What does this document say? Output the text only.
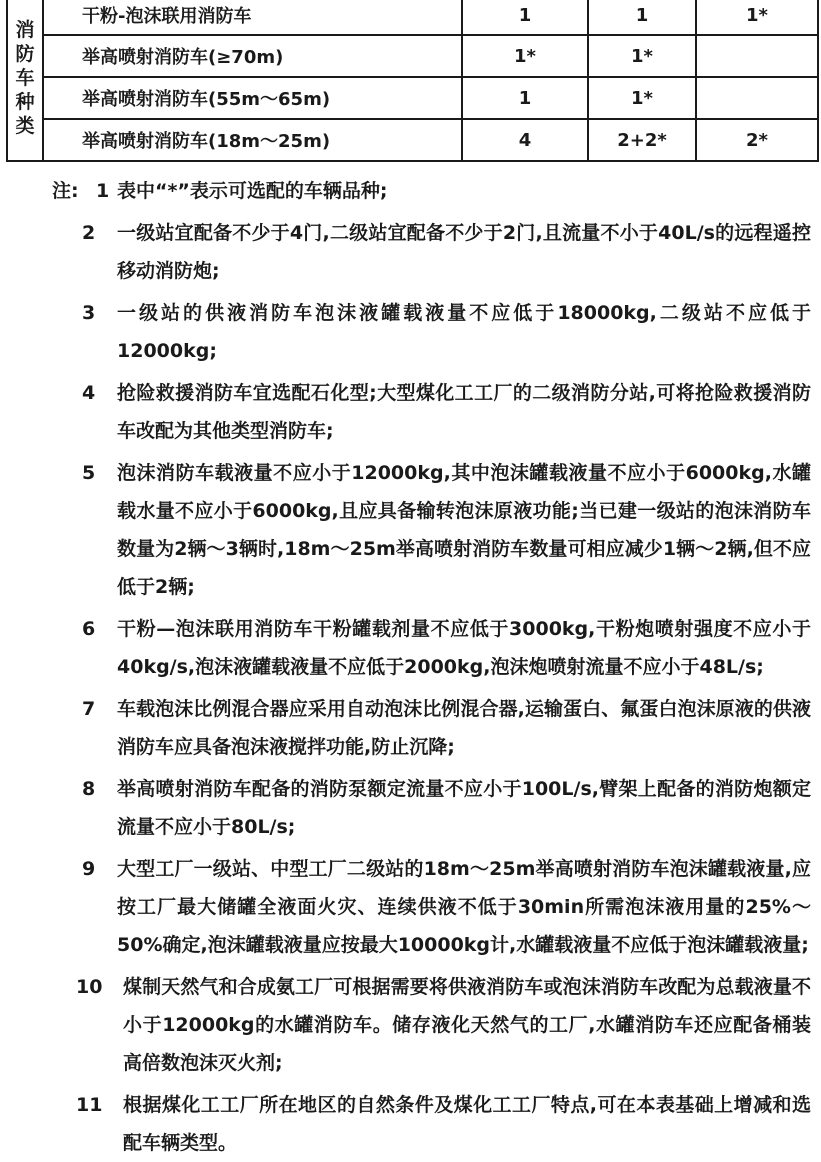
消
防
车
种
类	干粉-泡沫联用消防车	1	1	1*
	举高喷射消防车(≥70m)	1*	1*	
	举高喷射消防车(55m～65m)	1	1*	
	举高喷射消防车(18m～25m)	4	2+2*	2*
注: 1 表中“*”表示可选配的车辆品种;
2 一级站宜配备不少于4门,二级站宜配备不少于2门,且流量不小于40L/s的远程遥控移动消防炮;
3 一级站的供液消防车泡沫液罐载液量不应低于18000kg,二级站不应低于12000kg;
4 抢险救援消防车宜选配石化型;大型煤化工工厂的二级消防分站,可将抢险救援消防车改配为其他类型消防车;
5 泡沫消防车载液量不应小于12000kg,其中泡沫罐载液量不应小于6000kg,水罐载水量不应小于6000kg,且应具备输转泡沫原液功能;当已建一级站的泡沫消防车数量为2辆～3辆时,18m～25m举高喷射消防车数量可相应减少1辆～2辆,但不应低于2辆;
6 干粉—泡沫联用消防车干粉罐载剂量不应低于3000kg,干粉炮喷射强度不应小于40kg/s,泡沫液罐载液量不应低于2000kg,泡沫炮喷射流量不应小于48L/s;
7 车载泡沫比例混合器应采用自动泡沫比例混合器,运输蛋白、氟蛋白泡沫原液的供液消防车应具备泡沫液搅拌功能,防止沉降;
8 举高喷射消防车配备的消防泵额定流量不应小于100L/s,臂架上配备的消防炮额定流量不应小于80L/s;
9 大型工厂一级站、中型工厂二级站的18m～25m举高喷射消防车泡沫罐载液量,应按工厂最大储罐全液面火灾、连续供液不低于30min所需泡沫液用量的25%～50%确定,泡沫罐载液量应按最大10000kg计,水罐载液量不应低于泡沫罐载液量;
10 煤制天然气和合成氨工厂可根据需要将供液消防车或泡沫消防车改配为总载液量不小于12000kg的水罐消防车。储存液化天然气的工厂,水罐消防车还应配备桶装高倍数泡沫灭火剂;
11 根据煤化工工厂所在地区的自然条件及煤化工工厂特点,可在本表基础上增减和选配车辆类型。
